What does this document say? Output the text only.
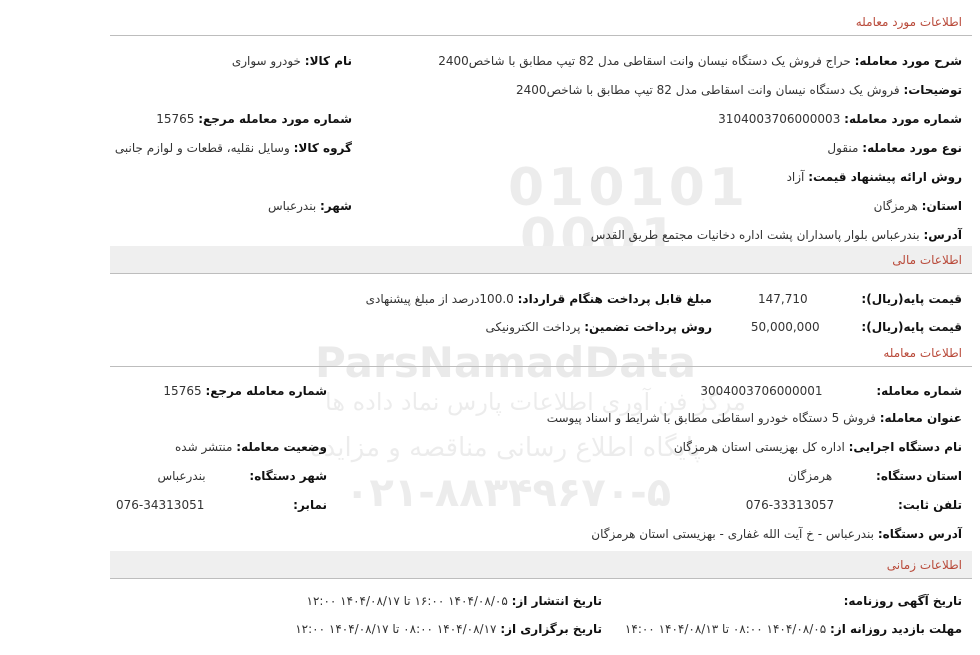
010101
0001
ParsNamadData
مرکز فن آوری اطلاعات پارس نماد داده ها
پایگاه اطلاع رسانی مناقصه و مزایده
۰۲۱-۸۸۳۴۹۶۷۰-۵
اطلاعات مورد معامله
شرح مورد معامله: حراج فروش یک دستگاه نیسان وانت اسقاطی مدل 82 تیپ مطابق با شاخص2400
نام کالا: خودرو سواری
توضیحات: فروش یک دستگاه نیسان وانت اسقاطی مدل 82 تیپ مطابق با شاخص2400
شماره مورد معامله: 3104003706000003
شماره مورد معامله مرجع: 15765
نوع مورد معامله: منقول
گروه کالا: وسایل نقلیه، قطعات و لوازم جانبی
روش ارائه پیشنهاد قیمت: آزاد
استان: هرمزگان
شهر: بندرعباس
آدرس: بندرعباس بلوار پاسداران پشت اداره دخانیات مجتمع طریق القدس
اطلاعات مالی
قیمت پایه(ریال): 147,710
مبلغ قابل پرداخت هنگام قرارداد: 100.0درصد از مبلغ پیشنهادی
قیمت پایه(ریال): 50,000,000
روش پرداخت تضمین: پرداخت الکترونیکی
اطلاعات معامله
شماره معامله: 3004003706000001
شماره معامله مرجع: 15765
عنوان معامله: فروش 5 دستگاه خودرو اسقاطی مطابق با شرایط و اسناد پیوست
نام دستگاه اجرایی: اداره کل بهزیستی استان هرمزگان
وضعیت معامله: منتشر شده
استان دستگاه: هرمزگان
شهر دستگاه: بندرعباس
تلفن ثابت: 33313057-076
نمابر: 34313051-076
آدرس دستگاه: بندرعباس - خ آیت الله غفاری - بهزیستی استان هرمزگان
اطلاعات زمانی
تاریخ آگهی روزنامه:
تاریخ انتشار از: ۱۴۰۴/۰۸/۰۵ ۱۶:۰۰ تا ۱۴۰۴/۰۸/۱۷ ۱۲:۰۰
مهلت بازدید روزانه از: ۱۴۰۴/۰۸/۰۵ ۰۸:۰۰ تا ۱۴۰۴/۰۸/۱۳ ۱۴:۰۰
تاریخ برگزاری از: ۱۴۰۴/۰۸/۱۷ ۰۸:۰۰ تا ۱۴۰۴/۰۸/۱۷ ۱۲:۰۰
